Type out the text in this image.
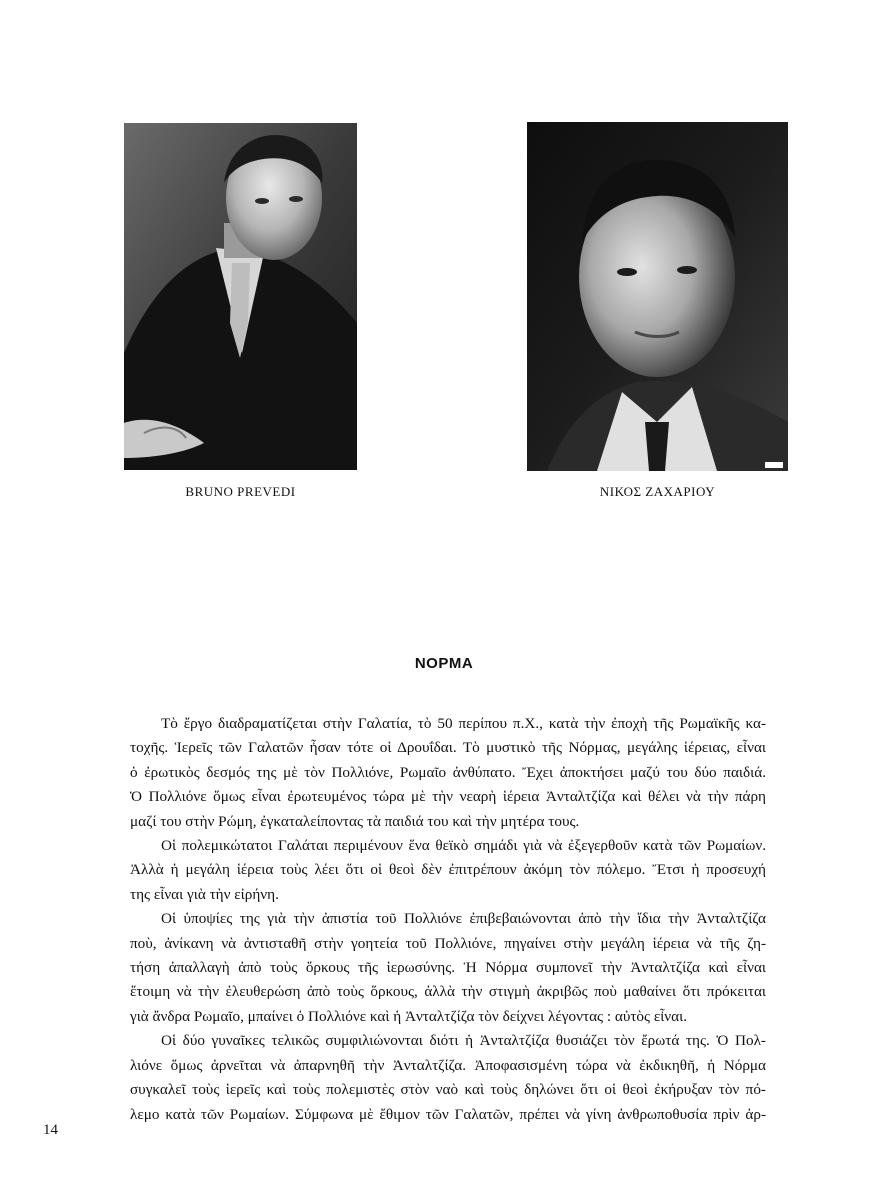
BRUNO PREVEDI	ΝΙΚΟΣ ΖΑΧΑΡΙΟΥ
ΝΟΡΜΑ
Τὸ ἔργο διαδραματίζεται στὴν Γαλατία, τὸ 50 περίπου π.Χ., κατὰ τὴν ἐποχὴ τῆς Ρωμαϊκῆς κα-
τοχῆς. Ἱερεῖς τῶν Γαλατῶν ἦσαν τότε οἱ Δρουΐδαι. Τὸ μυστικὸ τῆς Νόρμας, μεγάλης ἱέρειας, εἶναι
ὁ ἐρωτικὸς δεσμός της μὲ τὸν Πολλιόνε, Ρωμαῖο ἀνθύπατο. Ἔχει ἀποκτήσει μαζύ του δύο παιδιά.
Ὁ Πολλιόνε ὅμως εἶναι ἐρωτευμένος τώρα μὲ τὴν νεαρὴ ἱέρεια Ἀνταλτζίζα καὶ θέλει νὰ τὴν πάρη
μαζί του στὴν Ρώμη, ἐγκαταλείποντας τὰ παιδιά του καὶ τὴν μητέρα τους.
Οἱ πολεμικώτατοι Γαλάται περιμένουν ἕνα θεϊκὸ σημάδι γιὰ νὰ ἐξεγερθοῦν κατὰ τῶν Ρωμαίων.
Ἀλλὰ ἡ μεγάλη ἱέρεια τοὺς λέει ὅτι οἱ θεοὶ δὲν ἐπιτρέπουν ἀκόμη τὸν πόλεμο. Ἔτσι ἡ προσευχή
της εἶναι γιὰ τὴν εἰρήνη.
Οἱ ὑποψίες της γιὰ τὴν ἀπιστία τοῦ Πολλιόνε ἐπιβεβαιώνονται ἀπὸ τὴν ἴδια τὴν Ἀνταλτζίζα
ποὺ, ἀνίκανη νὰ ἀντισταθῆ στὴν γοητεία τοῦ Πολλιόνε, πηγαίνει στὴν μεγάλη ἱέρεια νὰ τῆς ζη-
τήση ἀπαλλαγὴ ἀπὸ τοὺς ὅρκους τῆς ἱερωσύνης. Ἡ Νόρμα συμπονεῖ τὴν Ἀνταλτζίζα καὶ εἶναι
ἕτοιμη νὰ τὴν ἐλευθερώση ἀπὸ τοὺς ὅρκους, ἀλλὰ τὴν στιγμὴ ἀκριβῶς ποὺ μαθαίνει ὅτι πρόκειται
γιὰ ἄνδρα Ρωμαῖο, μπαίνει ὁ Πολλιόνε καὶ ἡ Ἀνταλτζίζα τὸν δείχνει λέγοντας : αὐτὸς εἶναι.
Οἱ δύο γυναῖκες τελικῶς συμφιλιώνονται διότι ἡ Ἀνταλτζίζα θυσιάζει τὸν ἔρωτά της. Ὁ Πολ-
λιόνε ὅμως ἀρνεῖται νὰ ἀπαρνηθῆ τὴν Ἀνταλτζίζα. Ἀποφασισμένη τώρα νὰ ἐκδικηθῆ, ἡ Νόρμα
συγκαλεῖ τοὺς ἱερεῖς καὶ τοὺς πολεμιστὲς στὸν ναὸ καὶ τοὺς δηλώνει ὅτι οἱ θεοὶ ἐκήρυξαν τὸν πό-
λεμο κατὰ τῶν Ρωμαίων. Σύμφωνα μὲ ἔθιμον τῶν Γαλατῶν, πρέπει νὰ γίνη ἀνθρωποθυσία πρὶν ἀρ-
14
